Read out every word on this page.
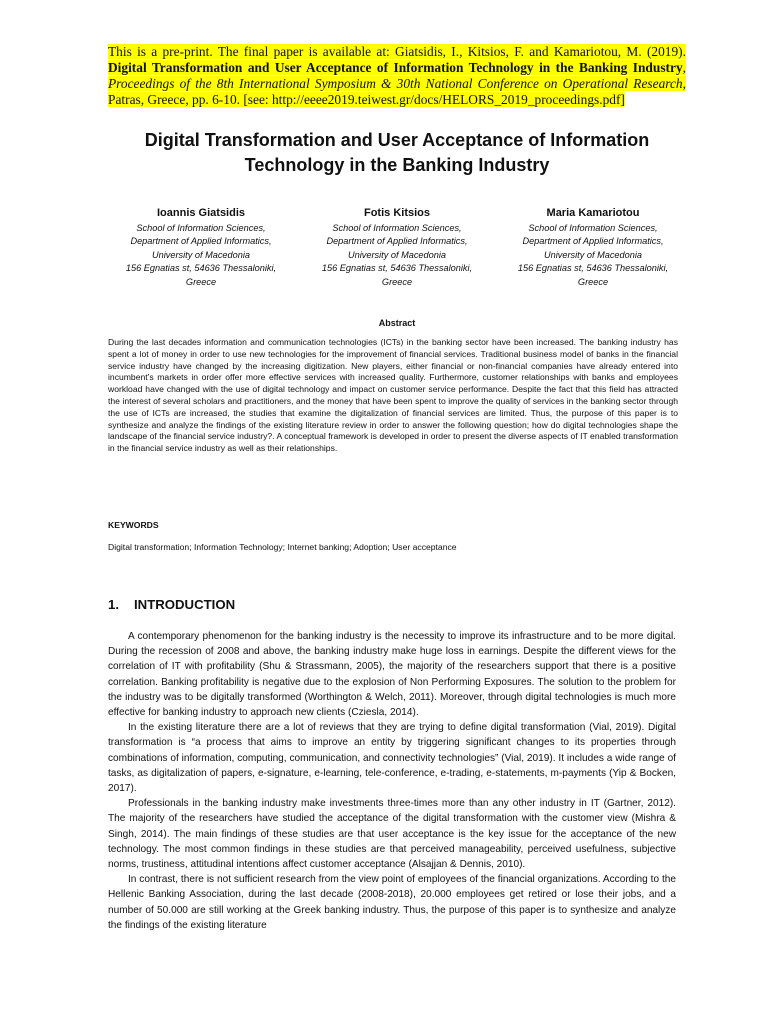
This is a pre-print. The final paper is available at: Giatsidis, I., Kitsios, F. and Kamariotou, M. (2019). Digital Transformation and User Acceptance of Information Technology in the Banking Industry, Proceedings of the 8th International Symposium & 30th National Conference on Operational Research, Patras, Greece, pp. 6-10. [see: http://eeee2019.teiwest.gr/docs/HELORS_2019_proceedings.pdf]
Digital Transformation and User Acceptance of Information
Technology in the Banking Industry
Ioannis Giatsidis
School of Information Sciences,
Department of Applied Informatics,
University of Macedonia
156 Egnatias st, 54636 Thessaloniki,
Greece
Fotis Kitsios
School of Information Sciences,
Department of Applied Informatics,
University of Macedonia
156 Egnatias st, 54636 Thessaloniki,
Greece
Maria Kamariotou
School of Information Sciences,
Department of Applied Informatics,
University of Macedonia
156 Egnatias st, 54636 Thessaloniki,
Greece
Abstract
During the last decades information and communication technologies (ICTs) in the banking sector have been increased. The banking industry has spent a lot of money in order to use new technologies for the improvement of financial services. Traditional business model of banks in the financial service industry have changed by the increasing digitization. New players, either financial or non-financial companies have already entered into incumbent’s markets in order offer more effective services with increased quality. Furthermore, customer relationships with banks and employees workload have changed with the use of digital technology and impact on customer service performance. Despite the fact that this field has attracted the interest of several scholars and practitioners, and the money that have been spent to improve the quality of services in the banking sector through the use of ICTs are increased, the studies that examine the digitalization of financial services are limited. Thus, the purpose of this paper is to synthesize and analyze the findings of the existing literature review in order to answer the following question; how do digital technologies shape the landscape of the financial service industry?. A conceptual framework is developed in order to present the diverse aspects of IT enabled transformation in the financial service industry as well as their relationships.
KEYWORDS
Digital transformation; Information Technology; Internet banking; Adoption; User acceptance
1. INTRODUCTION

A contemporary phenomenon for the banking industry is the necessity to improve its infrastructure and to be more digital. During the recession of 2008 and above, the banking industry make huge loss in earnings. Despite the different views for the correlation of IT with profitability (Shu & Strassmann, 2005), the majority of the researchers support that there is a positive correlation. Banking profitability is negative due to the explosion of Non Performing Exposures. The solution to the problem for the industry was to be digitally transformed (Worthington & Welch, 2011). Moreover, through digital technologies is much more effective for banking industry to approach new clients (Cziesla, 2014).

In the existing literature there are a lot of reviews that they are trying to define digital transformation (Vial, 2019). Digital transformation is “a process that aims to improve an entity by triggering significant changes to its properties through combinations of information, computing, communication, and connectivity technologies” (Vial, 2019). It includes a wide range of tasks, as digitalization of papers, e-signature, e-learning, tele-conference, e-trading, e-statements, m-payments (Yip & Bocken, 2017).

Professionals in the banking industry make investments three-times more than any other industry in IT (Gartner, 2012). The majority of the researchers have studied the acceptance of the digital transformation with the customer view (Mishra & Singh, 2014). The main findings of these studies are that user acceptance is the key issue for the acceptance of the new technology. The most common findings in these studies are that perceived manageability, perceived usefulness, subjective norms, trustiness, attitudinal intentions affect customer acceptance (Alsajjan & Dennis, 2010).

In contrast, there is not sufficient research from the view point of employees of the financial organizations. According to the Hellenic Banking Association, during the last decade (2008-2018), 20.000 employees get retired or lose their jobs, and a number of 50.000 are still working at the Greek banking industry. Thus, the purpose of this paper is to synthesize and analyze the findings of the existing literature
